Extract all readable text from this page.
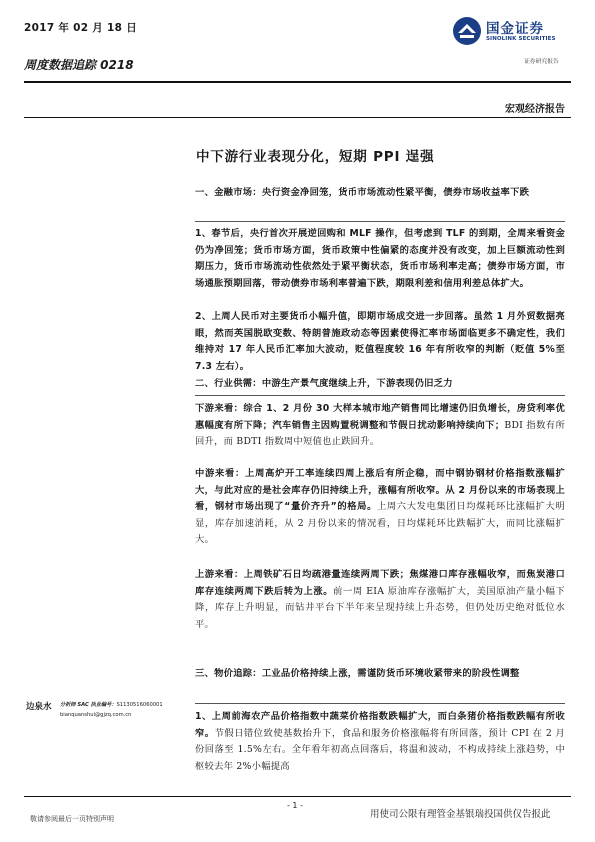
2017 年 02 月 18 日
周度数据追踪 0218
国金证券
SINOLINK SECURITIES
证券研究报告
宏观经济报告
中下游行业表现分化，短期 PPI 逞强
一、金融市场：央行资金净回笼，货币市场流动性紧平衡，债券市场收益率下跌
1、春节后，央行首次开展逆回购和 MLF 操作，但考虑到 TLF 的到期，全周来看资金仍为净回笼；货币市场方面，货币政策中性偏紧的态度并没有改变，加上巨额流动性到期压力，货币市场流动性依然处于紧平衡状态，货币市场利率走高；债券市场方面，市场通胀预期回落，带动债券市场利率普遍下跌，期限利差和信用利差总体扩大。
2、上周人民币对主要货币小幅升值，即期市场成交进一步回落。虽然 1 月外贸数据亮眼，然而英国脱欧变数、特朗普施政动态等因素使得汇率市场面临更多不确定性，我们维持对 17 年人民币汇率加大波动，贬值程度较 16 年有所收窄的判断（贬值 5%至 7.3 左右）。
二、行业供需：中游生产景气度继续上升，下游表现仍旧乏力
下游来看：综合 1、2 月份 30 大样本城市地产销售同比增速仍旧负增长，房贷利率优惠幅度有所下降；汽车销售主因购置税调整和节假日扰动影响持续向下；BDI 指数有所回升，而 BDTI 指数周中短值也止跌回升。
中游来看：上周高炉开工率连续四周上涨后有所企稳，而中钢协钢材价格指数涨幅扩大，与此对应的是社会库存仍旧持续上升，涨幅有所收窄。从 2 月份以来的市场表现上看，钢材市场出现了“量价齐升”的格局。上周六大发电集团日均煤耗环比涨幅扩大明显，库存加速消耗，从 2 月份以来的情况看，日均煤耗环比跌幅扩大，而同比涨幅扩大。
上游来看：上周铁矿石日均疏港量连续两周下跌；焦煤港口库存涨幅收窄，而焦炭港口库存连续两周下跌后转为上涨。前一周 EIA 原油库存涨幅扩大，美国原油产量小幅下降，库存上升明显，而钻井平台下半年来呈现持续上升态势，但仍处历史绝对低位水平。
三、物价追踪：工业品价格持续上涨，需谨防货币环境收紧带来的阶段性调整
1、上周前海农产品价格指数中蔬菜价格指数跌幅扩大，而白条猪价格指数跌幅有所收窄。节假日错位致使基数抬升下，食品和服务价格涨幅将有所回落，预计 CPI 在 2 月份回落至 1.5%左右。全年看年初高点回落后，将温和波动，不构成持续上涨趋势，中枢较去年 2%小幅提高
边泉水 分析师 SAC 执业编号：S1130516060001
bianquanshui@gjzq.com.cn
- 1 -
用使司公限有理管金基银瑞投国供仅告报此
敬请参阅最后一页特别声明
